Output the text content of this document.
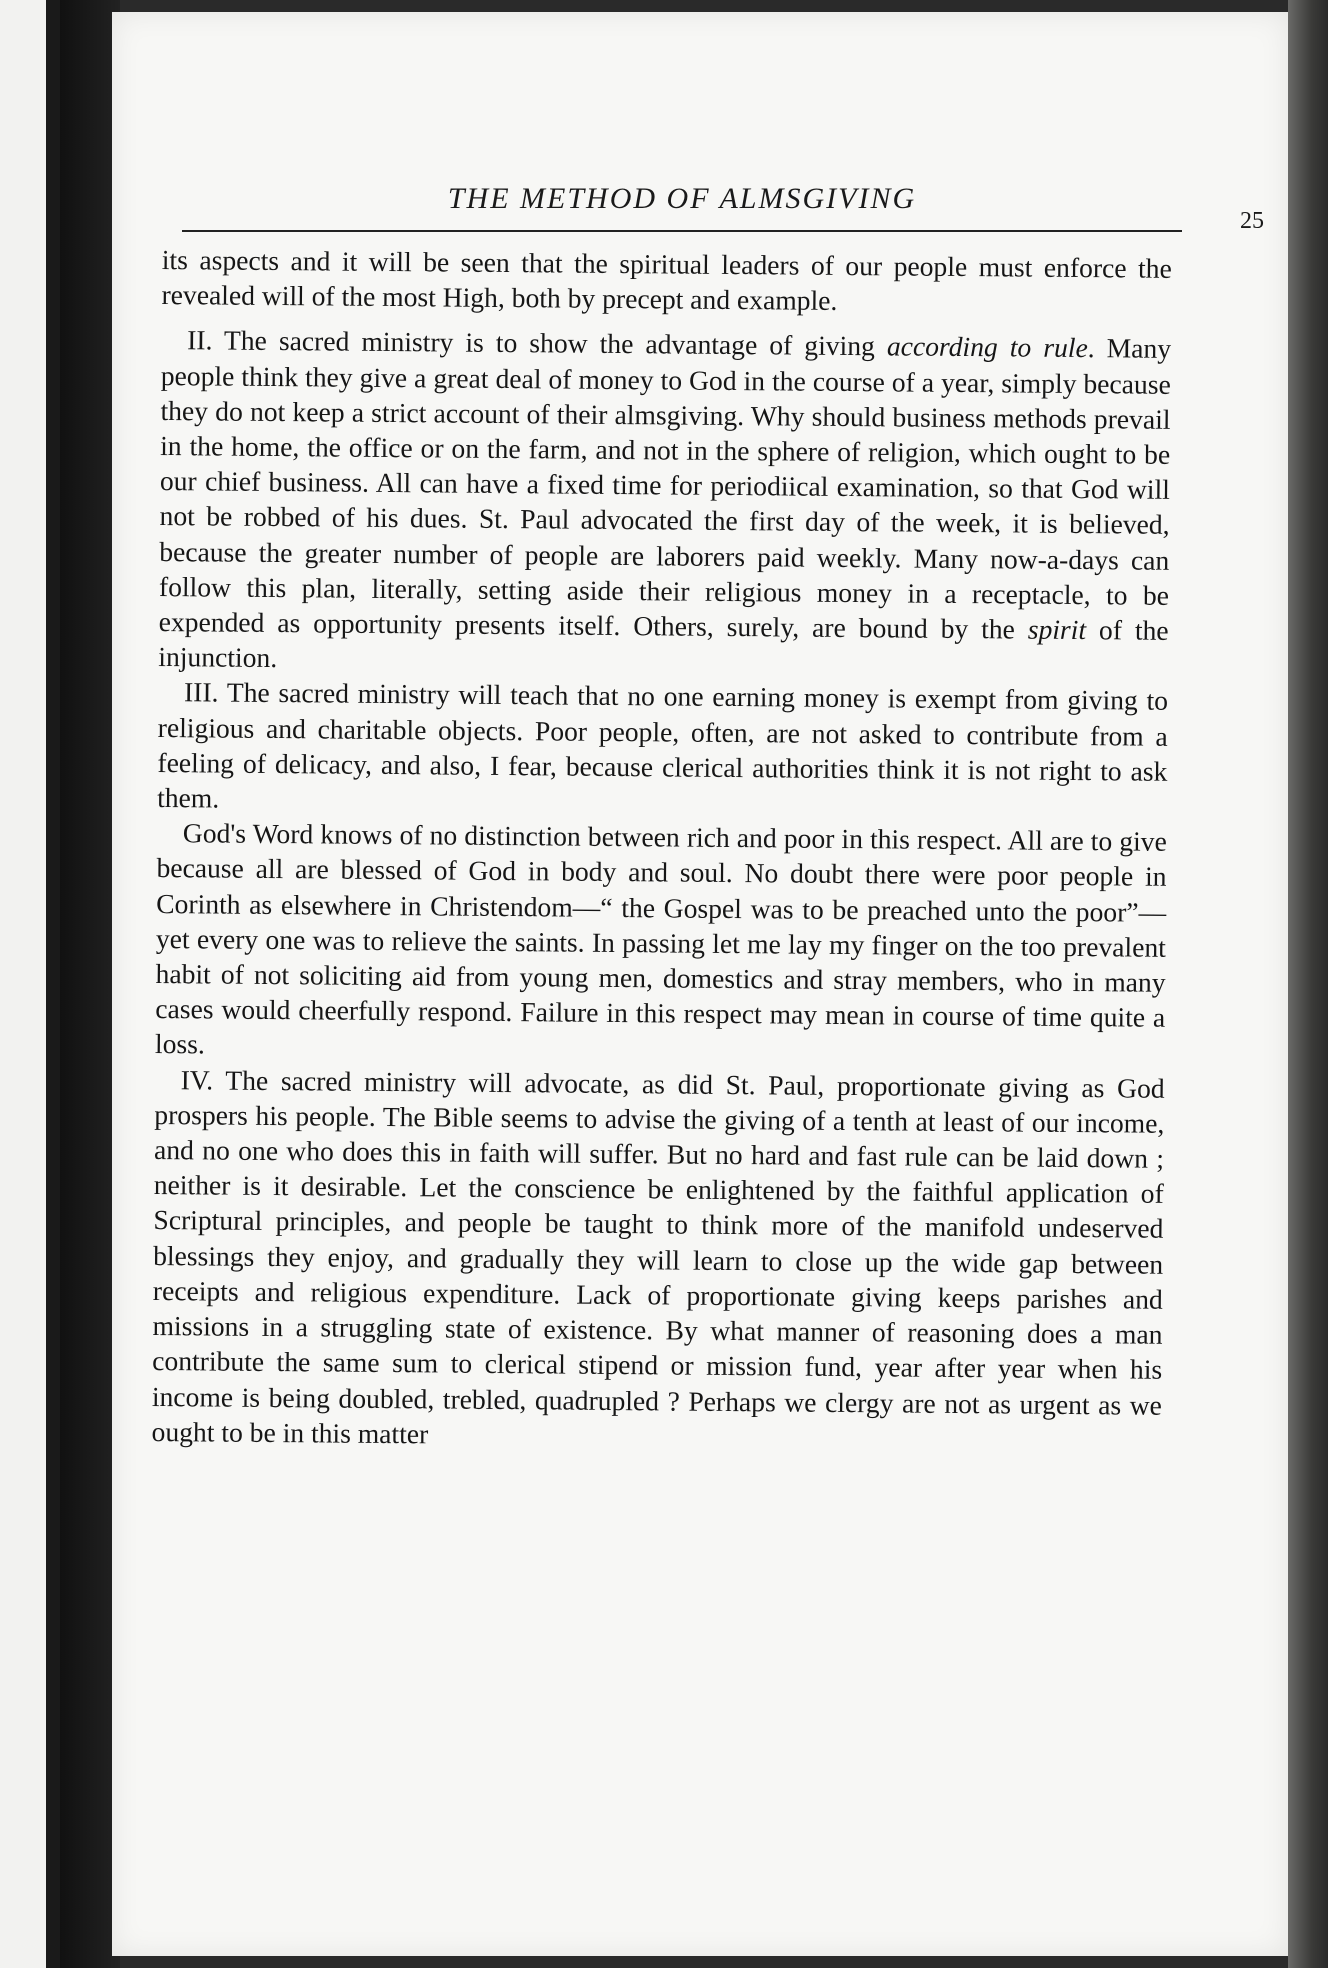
THE METHOD OF ALMSGIVING
25

its aspects and it will be seen that the spiritual leaders of our people must enforce the revealed will of the most High, both by precept and example.

II. The sacred ministry is to show the advantage of giving according to rule. Many people think they give a great deal of money to God in the course of a year, simply because they do not keep a strict account of their almsgiving. Why should business methods prevail in the home, the office or on the farm, and not in the sphere of religion, which ought to be our chief business. All can have a fixed time for periodiical examination, so that God will not be robbed of his dues. St. Paul advocated the first day of the week, it is believed, because the greater number of people are laborers paid weekly. Many now-a-days can follow this plan, literally, setting aside their religious money in a receptacle, to be expended as opportunity presents itself. Others, surely, are bound by the spirit of the injunction.

III. The sacred ministry will teach that no one earning money is exempt from giving to religious and charitable objects. Poor people, often, are not asked to contribute from a feeling of delicacy, and also, I fear, because clerical authorities think it is not right to ask them.

God's Word knows of no distinction between rich and poor in this respect. All are to give because all are blessed of God in body and soul. No doubt there were poor people in Corinth as elsewhere in Christendom—“ the Gospel was to be preached unto the poor”—yet every one was to relieve the saints. In passing let me lay my finger on the too prevalent habit of not soliciting aid from young men, domestics and stray members, who in many cases would cheerfully respond. Failure in this respect may mean in course of time quite a loss.

IV. The sacred ministry will advocate, as did St. Paul, proportionate giving as God prospers his people. The Bible seems to advise the giving of a tenth at least of our income, and no one who does this in faith will suffer. But no hard and fast rule can be laid down ; neither is it desirable. Let the conscience be enlightened by the faithful application of Scriptural principles, and people be taught to think more of the manifold undeserved blessings they enjoy, and gradually they will learn to close up the wide gap between receipts and religious expenditure. Lack of proportionate giving keeps parishes and missions in a struggling state of existence. By what manner of reasoning does a man contribute the same sum to clerical stipend or mission fund, year after year when his income is being doubled, trebled, quadrupled ? Perhaps we clergy are not as urgent as we ought to be in this matter
